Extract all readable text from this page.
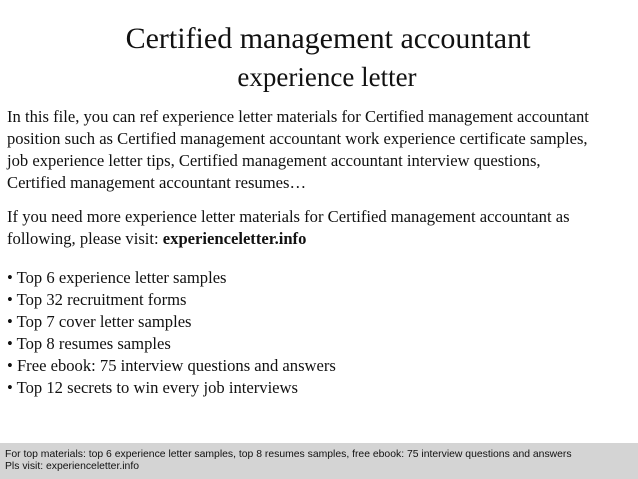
Certified management accountant
experience letter
In this file, you can ref experience letter materials for Certified management accountant
position such as Certified management accountant work experience certificate samples,
job experience letter tips, Certified management accountant interview questions,
Certified management accountant resumes…
If you need more experience letter materials for Certified management accountant as
following, please visit: experienceletter.info
• Top 6 experience letter samples
• Top 32 recruitment forms
• Top 7 cover letter samples
• Top 8 resumes samples
• Free ebook: 75 interview questions and answers
• Top 12 secrets to win every job interviews
For top materials: top 6 experience letter samples, top 8 resumes samples, free ebook: 75 interview questions and answers
Pls visit: experienceletter.info
